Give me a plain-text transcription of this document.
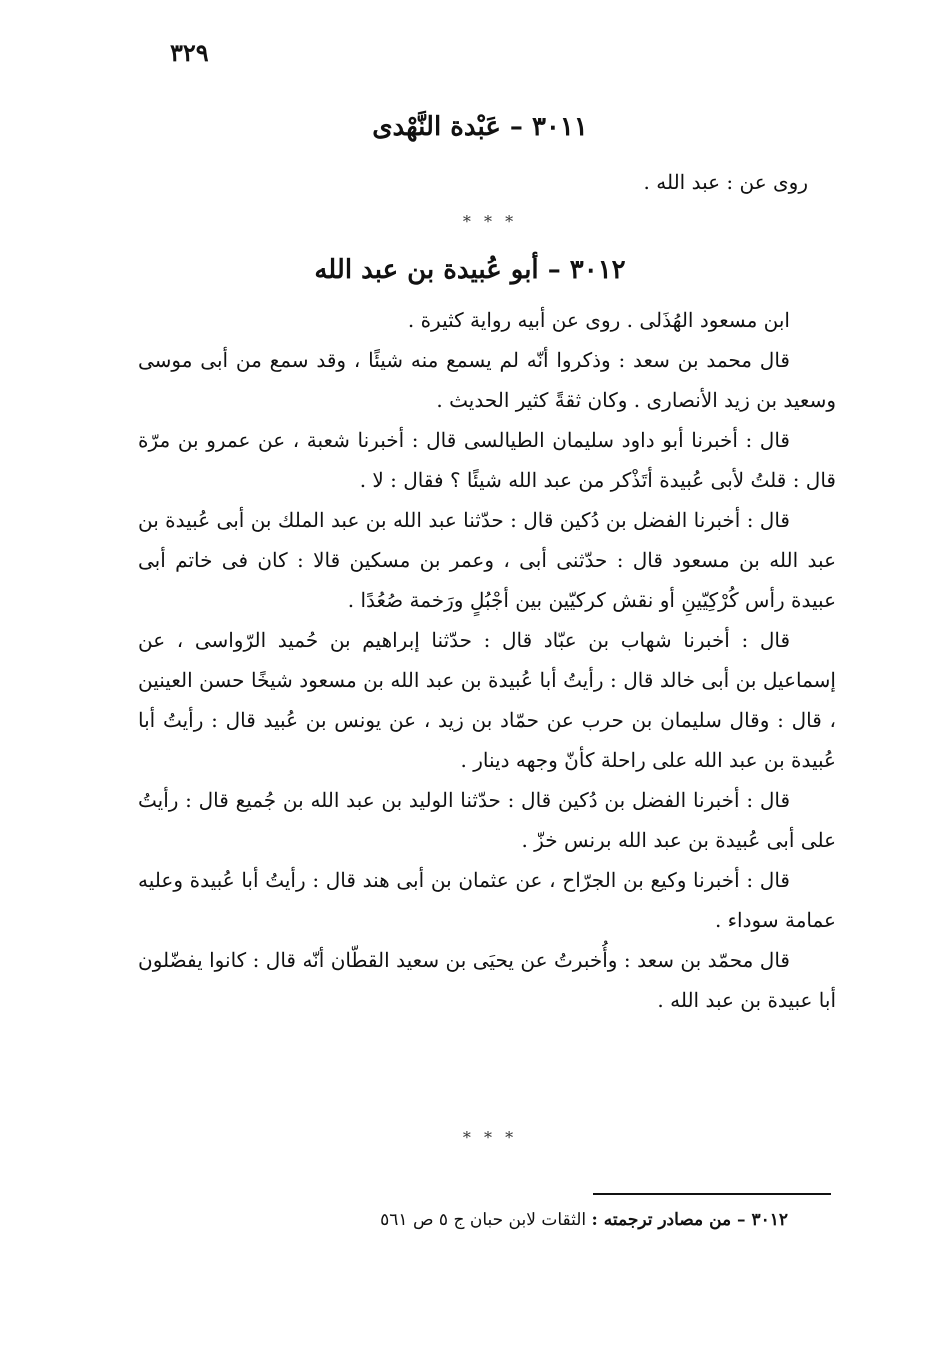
٣٢٩
٣٠١١ – عَبْدة النَّهْدى
روى عن : عبد الله .
* * *
٣٠١٢ – أبو عُبيدة بن عبد الله

ابن مسعود الهُذَلى . روى عن أبيه رواية كثيرة .

قال محمد بن سعد : وذكروا أنّه لم يسمع منه شيئًا ، وقد سمع من أبى موسى وسعيد بن زيد الأنصارى . وكان ثقةً كثير الحديث .

قال : أخبرنا أبو داود سليمان الطيالسى قال : أخبرنا شعبة ، عن عمرو بن مرّة قال : قلتُ لأبى عُبيدة أتَذْكر من عبد الله شيئًا ؟ فقال : لا .

قال : أخبرنا الفضل بن دُكين قال : حدّثنا عبد الله بن عبد الملك بن أبى عُبيدة بن عبد الله بن مسعود قال : حدّثنى أبى ، وعمر بن مسكين قالا : كان فى خاتم أبى عبيدة رأس كُرْكِيّينِ أو نقش كركيّين بين أجْبُلٍ ورَخمة صُعُدًا .

قال : أخبرنا شهاب بن عبّاد قال : حدّثنا إبراهيم بن حُميد الرّواسى ، عن إسماعيل بن أبى خالد قال : رأيتُ أبا عُبيدة بن عبد الله بن مسعود شيخًا حسن العينين ، قال : وقال سليمان بن حرب عن حمّاد بن زيد ، عن يونس بن عُبيد قال : رأيتُ أبا عُبيدة بن عبد الله على راحلة كأنّ وجهه دينار .

قال : أخبرنا الفضل بن دُكين قال : حدّثنا الوليد بن عبد الله بن جُميع قال : رأيتُ على أبى عُبيدة بن عبد الله برنس خزّ .

قال : أخبرنا وكيع بن الجرّاح ، عن عثمان بن أبى هند قال : رأيتُ أبا عُبيدة وعليه عمامة سوداء .

قال محمّد بن سعد : وأُخبرتُ عن يحيَى بن سعيد القطّان أنّه قال : كانوا يفضّلون أبا عبيدة بن عبد الله .

* * *
٣٠١٢ – من مصادر ترجمته : الثقات لابن حبان ج ٥ ص ٥٦١
